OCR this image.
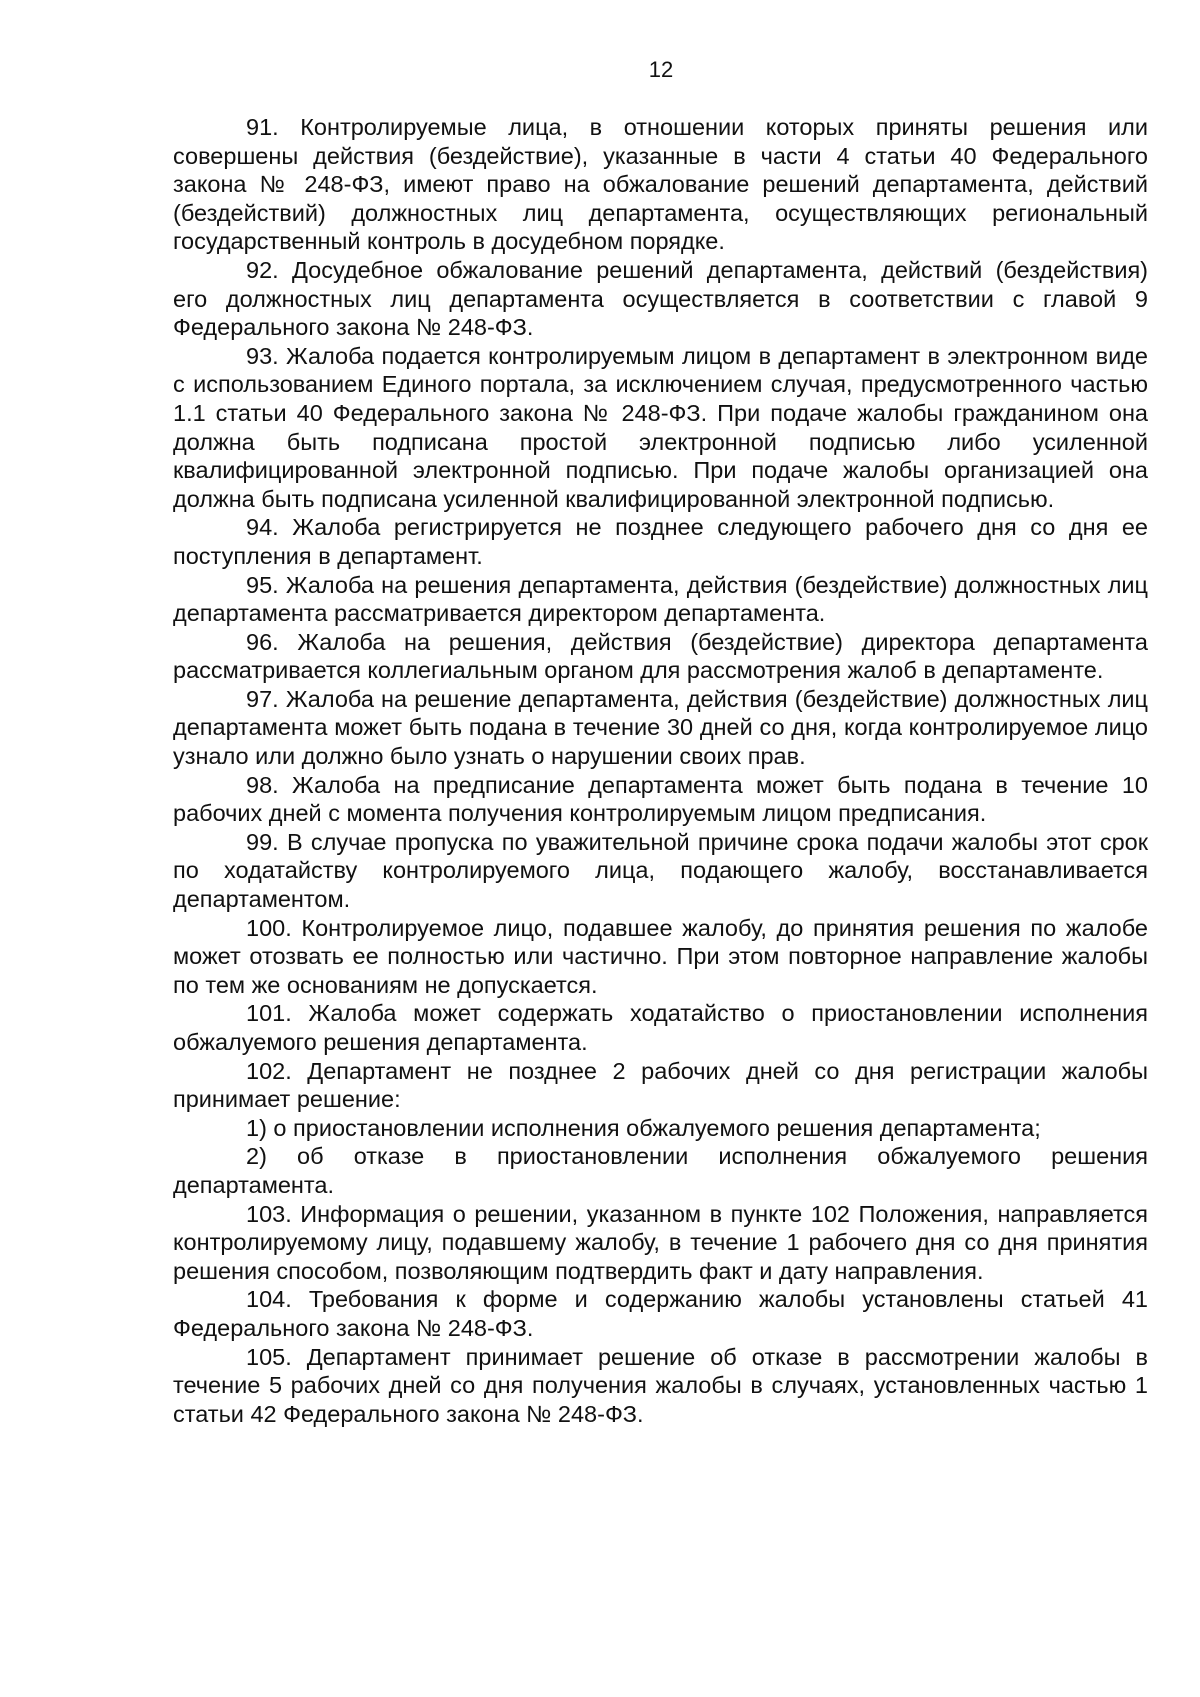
12

91. Контролируемые лица, в отношении которых приняты решения или совершены действия (бездействие), указанные в части 4 статьи 40 Федерального закона № 248-ФЗ, имеют право на обжалование решений департамента, действий (бездействий) должностных лиц департамента, осуществляющих региональный государственный контроль в досудебном порядке.

92. Досудебное обжалование решений департамента, действий (бездействия) его должностных лиц департамента осуществляется в соответствии с главой 9 Федерального закона № 248-ФЗ.

93. Жалоба подается контролируемым лицом в департамент в электронном виде с использованием Единого портала, за исключением случая, предусмотренного частью 1.1 статьи 40 Федерального закона № 248-ФЗ. При подаче жалобы гражданином она должна быть подписана простой электронной подписью либо усиленной квалифицированной электронной подписью. При подаче жалобы организацией она должна быть подписана усиленной квалифицированной электронной подписью.

94. Жалоба регистрируется не позднее следующего рабочего дня со дня ее поступления в департамент.

95. Жалоба на решения департамента, действия (бездействие) должностных лиц департамента рассматривается директором департамента.

96. Жалоба на решения, действия (бездействие) директора департамента рассматривается коллегиальным органом для рассмотрения жалоб в департаменте.

97. Жалоба на решение департамента, действия (бездействие) должностных лиц департамента может быть подана в течение 30 дней со дня, когда контролируемое лицо узнало или должно было узнать о нарушении своих прав.

98. Жалоба на предписание департамента может быть подана в течение 10 рабочих дней с момента получения контролируемым лицом предписания.

99. В случае пропуска по уважительной причине срока подачи жалобы этот срок по ходатайству контролируемого лица, подающего жалобу, восстанавливается департаментом.

100. Контролируемое лицо, подавшее жалобу, до принятия решения по жалобе может отозвать ее полностью или частично. При этом повторное направление жалобы по тем же основаниям не допускается.

101. Жалоба может содержать ходатайство о приостановлении исполнения обжалуемого решения департамента.

102. Департамент не позднее 2 рабочих дней со дня регистрации жалобы принимает решение:

1) о приостановлении исполнения обжалуемого решения департамента;

2) об отказе в приостановлении исполнения обжалуемого решения департамента.

103. Информация о решении, указанном в пункте 102 Положения, направляется контролируемому лицу, подавшему жалобу, в течение 1 рабочего дня со дня принятия решения способом, позволяющим подтвердить факт и дату направления.

104. Требования к форме и содержанию жалобы установлены статьей 41 Федерального закона № 248-ФЗ.

105. Департамент принимает решение об отказе в рассмотрении жалобы в течение 5 рабочих дней со дня получения жалобы в случаях, установленных частью 1 статьи 42 Федерального закона № 248-ФЗ.
